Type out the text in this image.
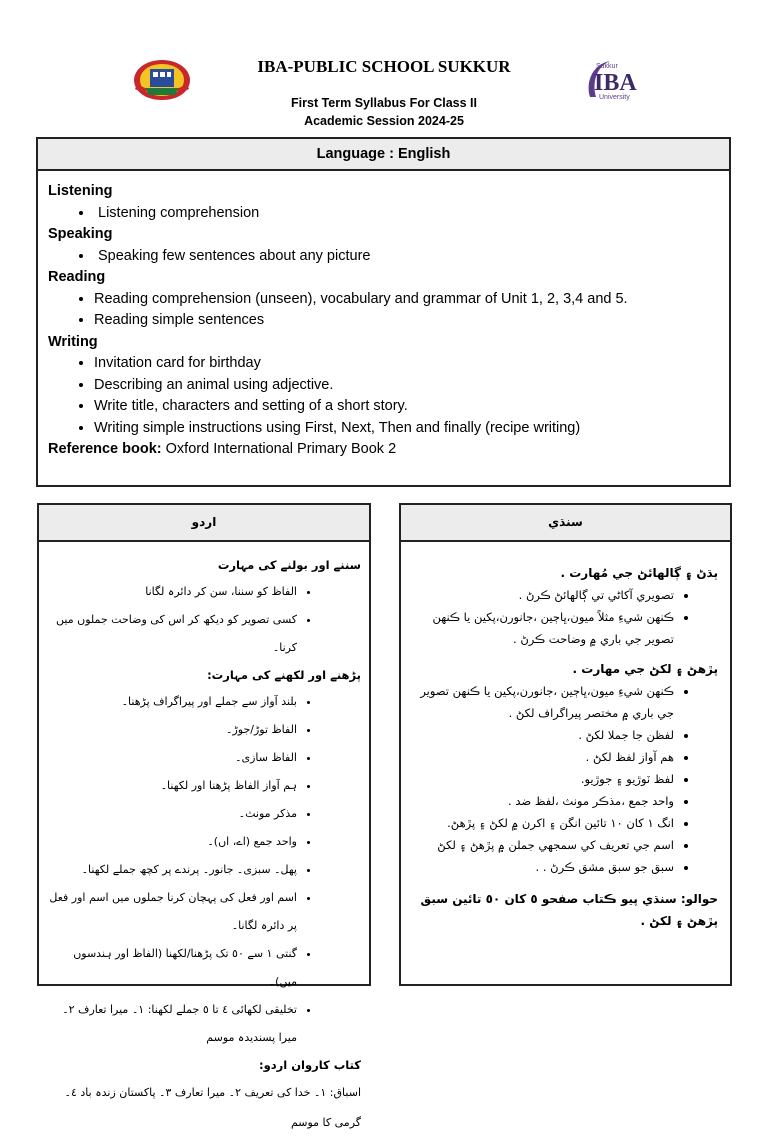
Sukkur
IBA
University
IBA-PUBLIC SCHOOL SUKKUR
First Term Syllabus For Class II
Academic Session 2024-25
Language : English
Listening
• Listening comprehension
Speaking
• Speaking few sentences about any picture
Reading
• Reading comprehension (unseen), vocabulary and grammar of Unit 1, 2, 3,4 and 5.
• Reading simple sentences
Writing
• Invitation card for birthday
• Describing an animal using adjective.
• Write title, characters and setting of a short story.
• Writing simple instructions using First, Next, Then and finally (recipe writing)
Reference book: Oxford International Primary Book 2
اردو
سننے اور بولنے کی مہارت
• الفاظ کو سننا، سن کر دائرہ لگانا
• کسی تصویر کو دیکھ کر اس کی وضاحت جملوں میں کرنا۔
پڑھنے اور لکھنے کی مہارت:
• بلند آواز سے جملے اور پیراگراف پڑھنا۔
• الفاظ توڑ/جوڑ۔
• الفاظ سازی۔
• ہم آواز الفاظ پڑھنا اور لکھنا۔
• مذکر مونث۔
• واحد جمع (اے، اں)۔
• پھل۔ سبزی۔ جانور۔ پرندے پر کچھ جملے لکھنا۔
• اسم اور فعل کی پہچان کرنا جملوں میں اسم اور فعل پر دائرہ لگانا۔
• گنتی ١ سے ٥٠ تک پڑھنا/لکھنا (الفاظ اور ہندسوں میں)۔
• تخلیقی لکھائی ٤ تا ٥ جملے لکھنا: ١۔ میرا تعارف ٢۔ میرا پسندیدہ موسم
کتاب کاروان اردو:
اسباق: ١۔ خدا کی تعریف ٢۔ میرا تعارف ٣۔ پاکستان زندہ باد ٤۔ گرمی کا موسم
سنڌي
ٻڌڻ ۽ ڳالهائڻ جي مُهارت .
• تصويري آکاڻي تي ڳالهائڻ ڪرڻ .
• ڪنهن شيءِ مثلاً ميون،ڀاڄين ،جانورن،پکين يا ڪنهن تصوير جي باري ۾ وضاحت ڪرڻ .
پڙهڻ ۽ لکڻ جي مهارت .
• ڪنهن شيءِ ميون،ڀاڄين ،جانورن،پکين يا ڪنهن تصوير جي باري ۾ مختصر پيراگراف لکڻ .
• لفظن جا جملا لکڻ .
• هم آواز لفظ لکڻ .
• لفظ ٽوڙيو ۽ جوڙيو.
• واحد جمع ،مذڪر مونث ،لفظ ضد .
• انگ ١ کان ١٠ تائين انگن ۽ اکرن ۾ لکڻ ۽ پڙهڻ.
• اسم جي تعريف کي سمجهي جملن ۾ پڙهڻ ۽ لکڻ
• سبق جو سبق مشق ڪرڻ . .
حوالو: سنڌي پيو ڪتاب صفحو ٥ کان ٥٠ تائين سبق پڙهڻ ۽ لکڻ .
